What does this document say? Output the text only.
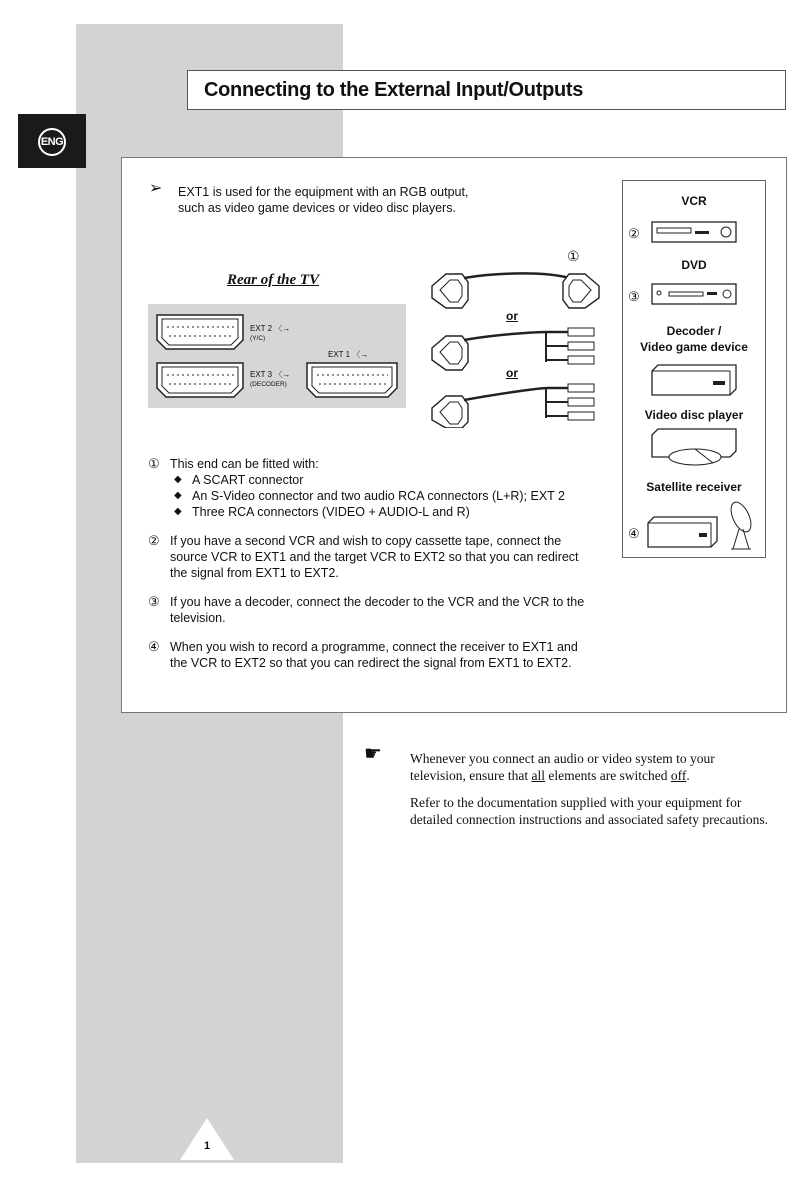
ENG
Connecting to the External Input/Outputs
➢ EXT1 is used for the equipment with an RGB output,
such as video game devices or video disc players.
Rear of the TV
EXT 2 〈→
(Y/C)
EXT 3 〈→
(DECODER)
EXT 1 〈→
①
or
or
VCR
②
DVD
③
Decoder /
Video game device
Video disc player
Satellite receiver
④
① This end can be fitted with:
◆ A SCART connector
◆ An S-Video connector and two audio RCA connectors (L+R); EXT 2
◆ Three RCA connectors (VIDEO + AUDIO-L and R)
② If you have a second VCR and wish to copy cassette tape, connect the source VCR to EXT1 and the target VCR to EXT2 so that you can redirect the signal from EXT1 to EXT2.
③ If you have a decoder, connect the decoder to the VCR and the VCR to the television.
④ When you wish to record a programme, connect the receiver to EXT1 and the VCR to EXT2 so that you can redirect the signal from EXT1 to EXT2.
☛ Whenever you connect an audio or video system to your television, ensure that all elements are switched off.

Refer to the documentation supplied with your equipment for detailed connection instructions and associated safety precautions.

1
